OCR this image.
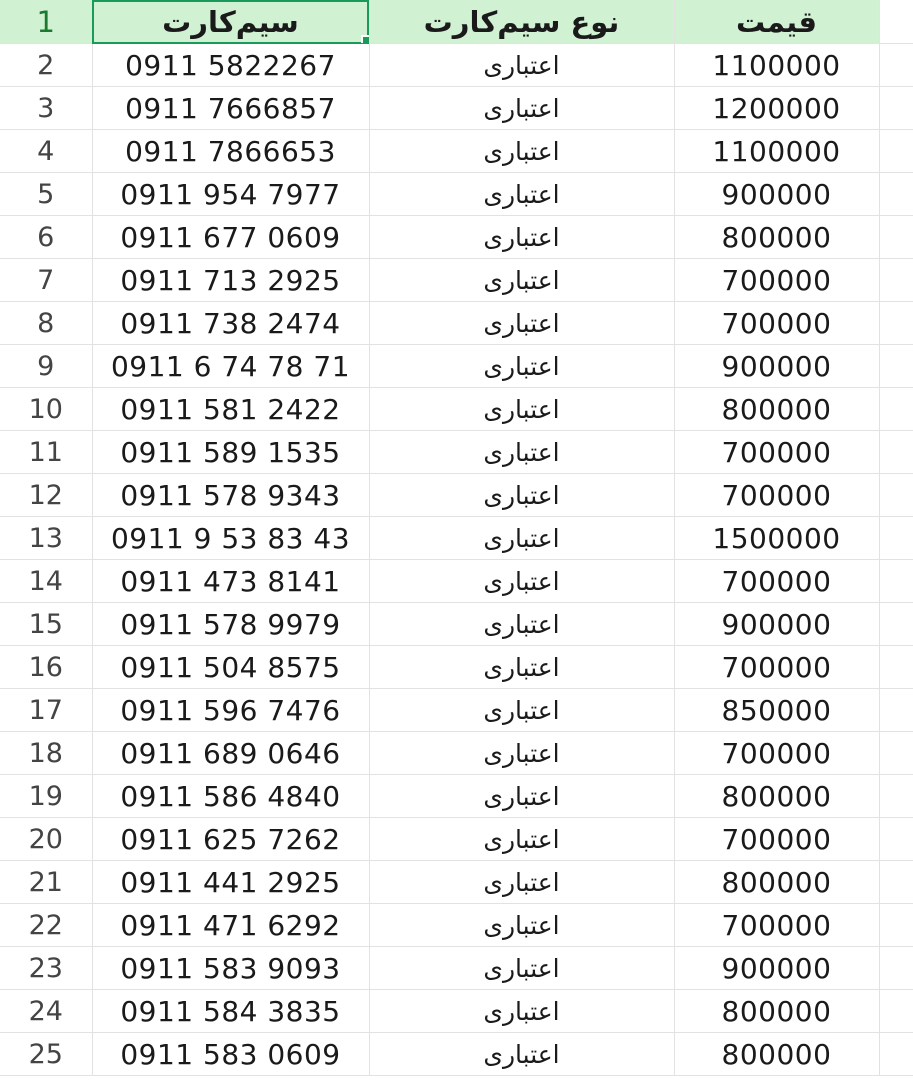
1	سیم‌کارت	نوع سیم‌کارت	قیمت	
2	0911 5822267	اعتباری	1100000	
3	0911 7666857	اعتباری	1200000	
4	0911 7866653	اعتباری	1100000	
5	0911 954 7977	اعتباری	900000	
6	0911 677 0609	اعتباری	800000	
7	0911 713 2925	اعتباری	700000	
8	0911 738 2474	اعتباری	700000	
9	0911 6 74 78 71	اعتباری	900000	
10	0911 581 2422	اعتباری	800000	
11	0911 589 1535	اعتباری	700000	
12	0911 578 9343	اعتباری	700000	
13	0911 9 53 83 43	اعتباری	1500000	
14	0911 473 8141	اعتباری	700000	
15	0911 578 9979	اعتباری	900000	
16	0911 504 8575	اعتباری	700000	
17	0911 596 7476	اعتباری	850000	
18	0911 689 0646	اعتباری	700000	
19	0911 586 4840	اعتباری	800000	
20	0911 625 7262	اعتباری	700000	
21	0911 441 2925	اعتباری	800000	
22	0911 471 6292	اعتباری	700000	
23	0911 583 9093	اعتباری	900000	
24	0911 584 3835	اعتباری	800000	
25	0911 583 0609	اعتباری	800000	
